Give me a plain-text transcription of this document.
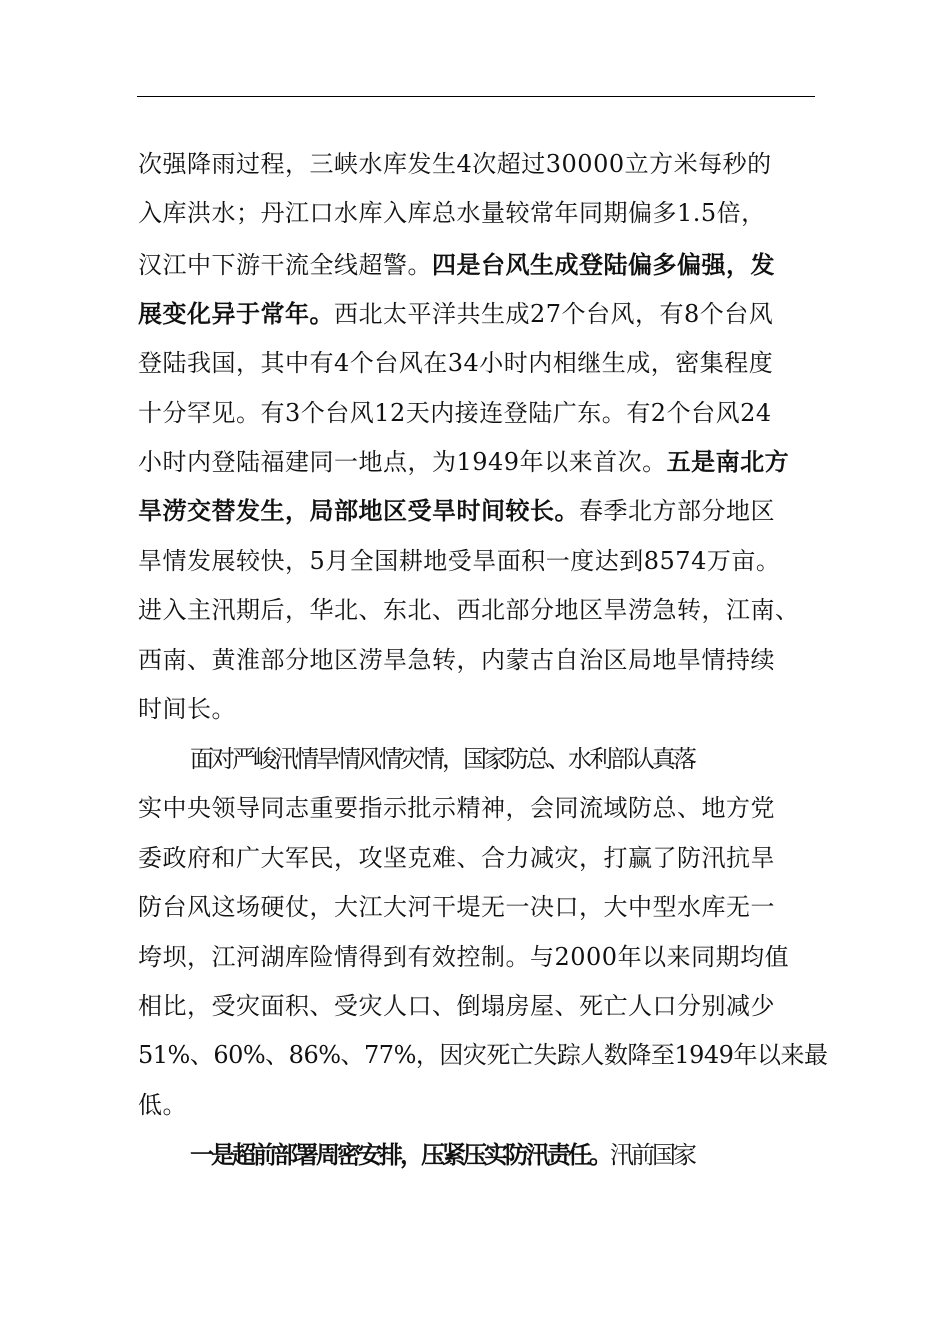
次强降雨过程，三峡水库发生4次超过30000立方米每秒的
入库洪水；丹江口水库入库总水量较常年同期偏多1.5倍，
汉江中下游干流全线超警。四是台风生成登陆偏多偏强，发
展变化异于常年。西北太平洋共生成27个台风，有8个台风
登陆我国，其中有4个台风在34小时内相继生成，密集程度
十分罕见。有3个台风12天内接连登陆广东。有2个台风24
小时内登陆福建同一地点，为1949年以来首次。五是南北方
旱涝交替发生，局部地区受旱时间较长。春季北方部分地区
旱情发展较快，5月全国耕地受旱面积一度达到8574万亩。
进入主汛期后，华北、东北、西北部分地区旱涝急转，江南、
西南、黄淮部分地区涝旱急转，内蒙古自治区局地旱情持续
时间长。
面对严峻汛情旱情风情灾情，国家防总、水利部认真落
实中央领导同志重要指示批示精神，会同流域防总、地方党
委政府和广大军民，攻坚克难、合力减灾，打赢了防汛抗旱
防台风这场硬仗，大江大河干堤无一决口，大中型水库无一
垮坝，江河湖库险情得到有效控制。与2000年以来同期均值
相比，受灾面积、受灾人口、倒塌房屋、死亡人口分别减少
51%、60%、86%、77%，因灾死亡失踪人数降至1949年以来最
低。
一是超前部署周密安排，压紧压实防汛责任。汛前国家
